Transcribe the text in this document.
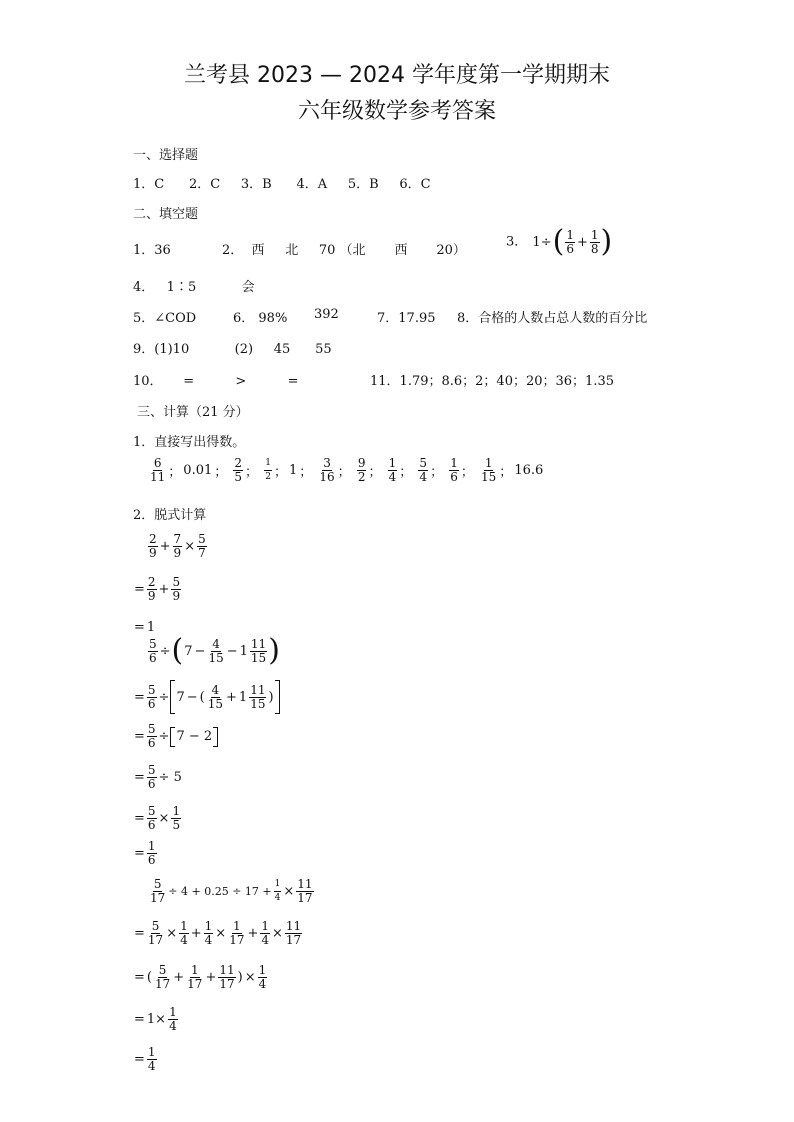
兰考县 2023 — 2024 学年度第一学期期末
六年级数学参考答案
一、选择题
1．C      2．C     3．B      4．A     5．B     6．C
二、填空题
1．36	2．  西     北     70 （北       西       20）
3． $1\div( \frac{1}{6} + \frac{1}{8}$ )
4．   1∶5           会
5．∠COD	6． 98% 392	7．17.95 8．合格的人数占总人数的百分比
9．(1)10           (2)     45      55
10．     =          >          =	11．1.79；8.6；2；40；20；36；1.35
三、计算（21 分）
1．直接写出得数。
$\frac{6}{11}$ ； 0.01 ； $\frac{2}{5}$ ； $\frac{1}{2}$ ； 1 ； $\frac{3}{16}$ ； $\frac{9}{2}$ ； $\frac{1}{4}$ ； $\frac{5}{4}$ ； $\frac{1}{6}$ ； $\frac{1}{15}$ ； 16.6
2．脱式计算
$\frac{2}{9} + \frac{7}{9} \times \frac{5}{7}$
= $\frac{2}{9} + \frac{5}{9}$
= 1
$\frac{5}{6} \div(7 - \frac{4}{15} - 1 \frac{11}{15}$ )
= $\frac{5}{6} \div 7$ − ( $\frac{4}{15} + 1 \frac{11}{15}$ )
= $\frac{5}{6} \div 7 - 2$
= $\frac{5}{6} \div 5$
= $\frac{5}{6} \times \frac{1}{5}$
= $\frac{1}{6}$
$\frac{5}{17} \div 4 + 0.25 \div 17 + \frac{1}{4} \times \frac{11}{17}$
= $\frac{5}{17} \times \frac{1}{4} + \frac{1}{4} \times \frac{1}{17} + \frac{1}{4} \times \frac{11}{17}$
= ( $\frac{5}{17} + \frac{1}{17} + \frac{11}{17}$ ) × $\frac{1}{4}$
= $1\times \frac{1}{4}$
= $\frac{1}{4}$
